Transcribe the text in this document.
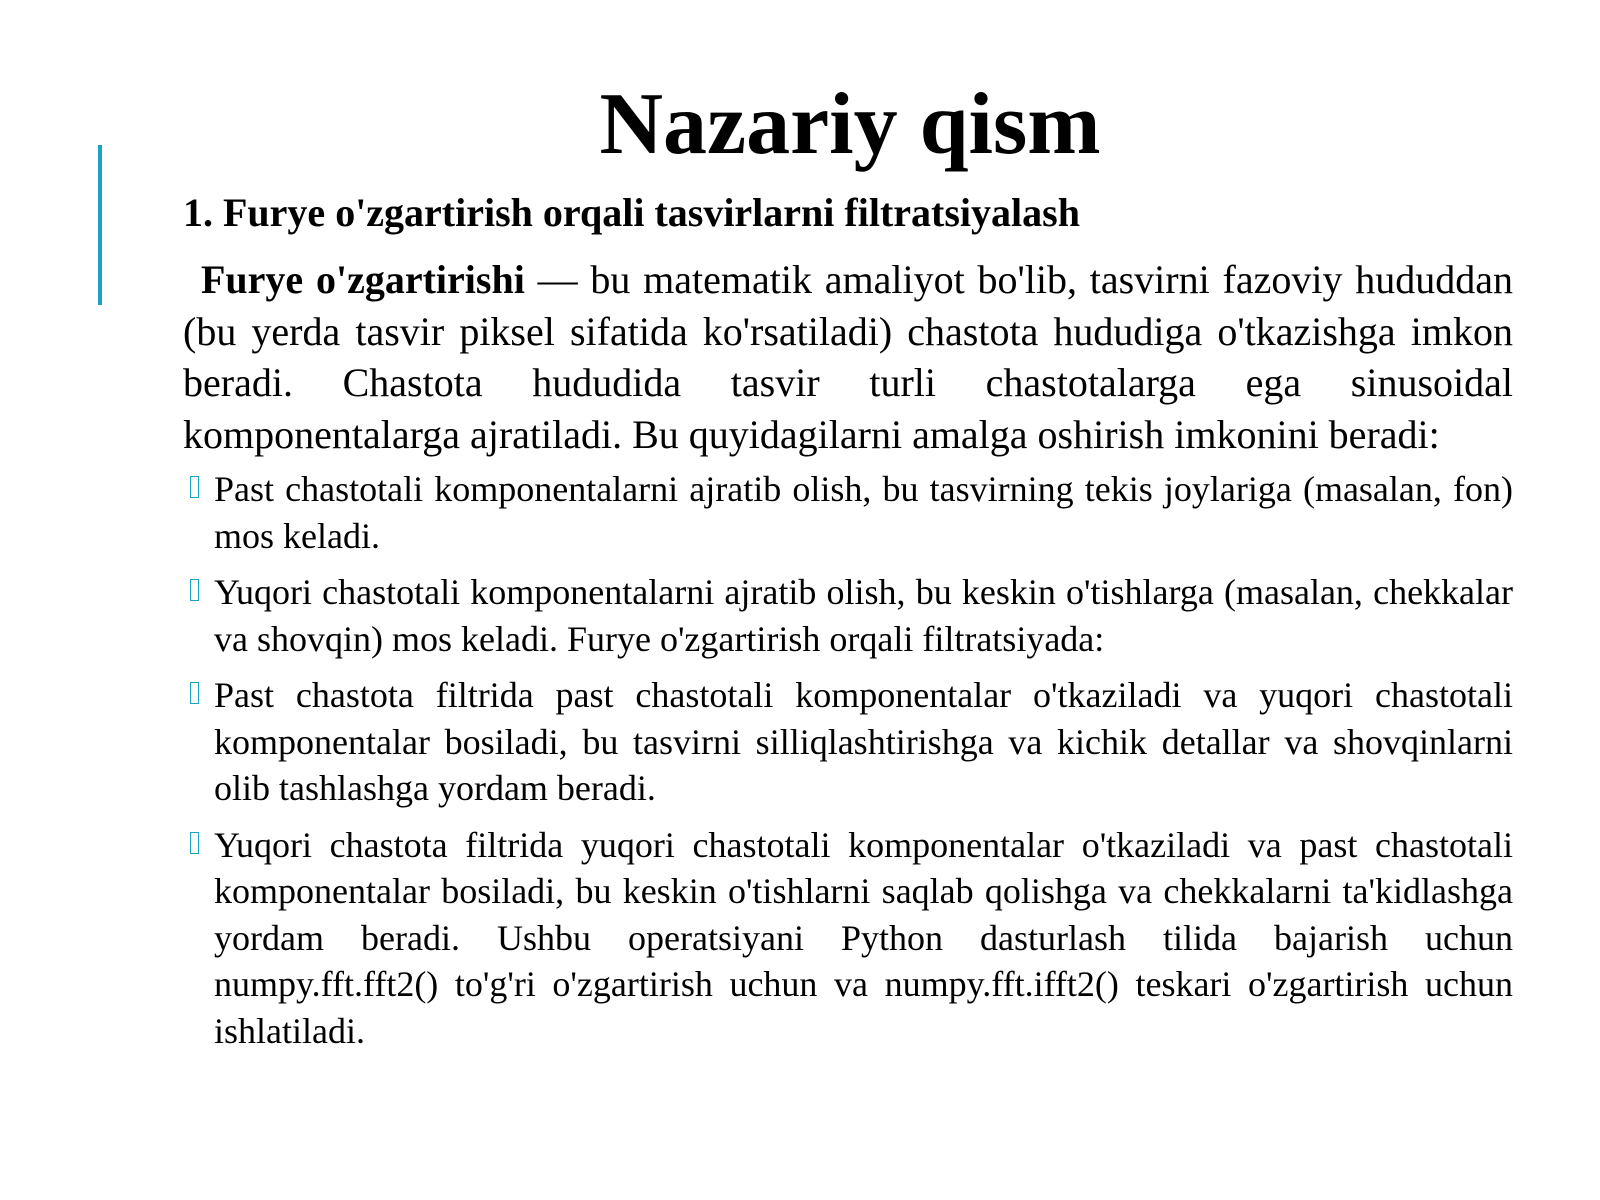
Nazariy qism
1. Furye o'zgartirish orqali tasvirlarni filtratsiyalash

Furye o'zgartirishi — bu matematik amaliyot bo'lib, tasvirni fazoviy hududdan (bu yerda tasvir piksel sifatida ko'rsatiladi) chastota hududiga o'tkazishga imkon beradi. Chastota hududida tasvir turli chastotalarga ega sinusoidal komponentalarga ajratiladi. Bu quyidagilarni amalga oshirish imkonini beradi:

Past chastotali komponentalarni ajratib olish, bu tasvirning tekis joylariga (masalan, fon) mos keladi.
Yuqori chastotali komponentalarni ajratib olish, bu keskin o'tishlarga (masalan, chekkalar va shovqin) mos keladi. Furye o'zgartirish orqali filtratsiyada:
Past chastota filtrida past chastotali komponentalar o'tkaziladi va yuqori chastotali komponentalar bosiladi, bu tasvirni silliqlashtirishga va kichik detallar va shovqinlarni olib tashlashga yordam beradi.
Yuqori chastota filtrida yuqori chastotali komponentalar o'tkaziladi va past chastotali komponentalar bosiladi, bu keskin o'tishlarni saqlab qolishga va chekkalarni ta'kidlashga yordam beradi. Ushbu operatsiyani Python dasturlash tilida bajarish uchun numpy.fft.fft2() to'g'ri o'zgartirish uchun va numpy.fft.ifft2() teskari o'zgartirish uchun ishlatiladi.
